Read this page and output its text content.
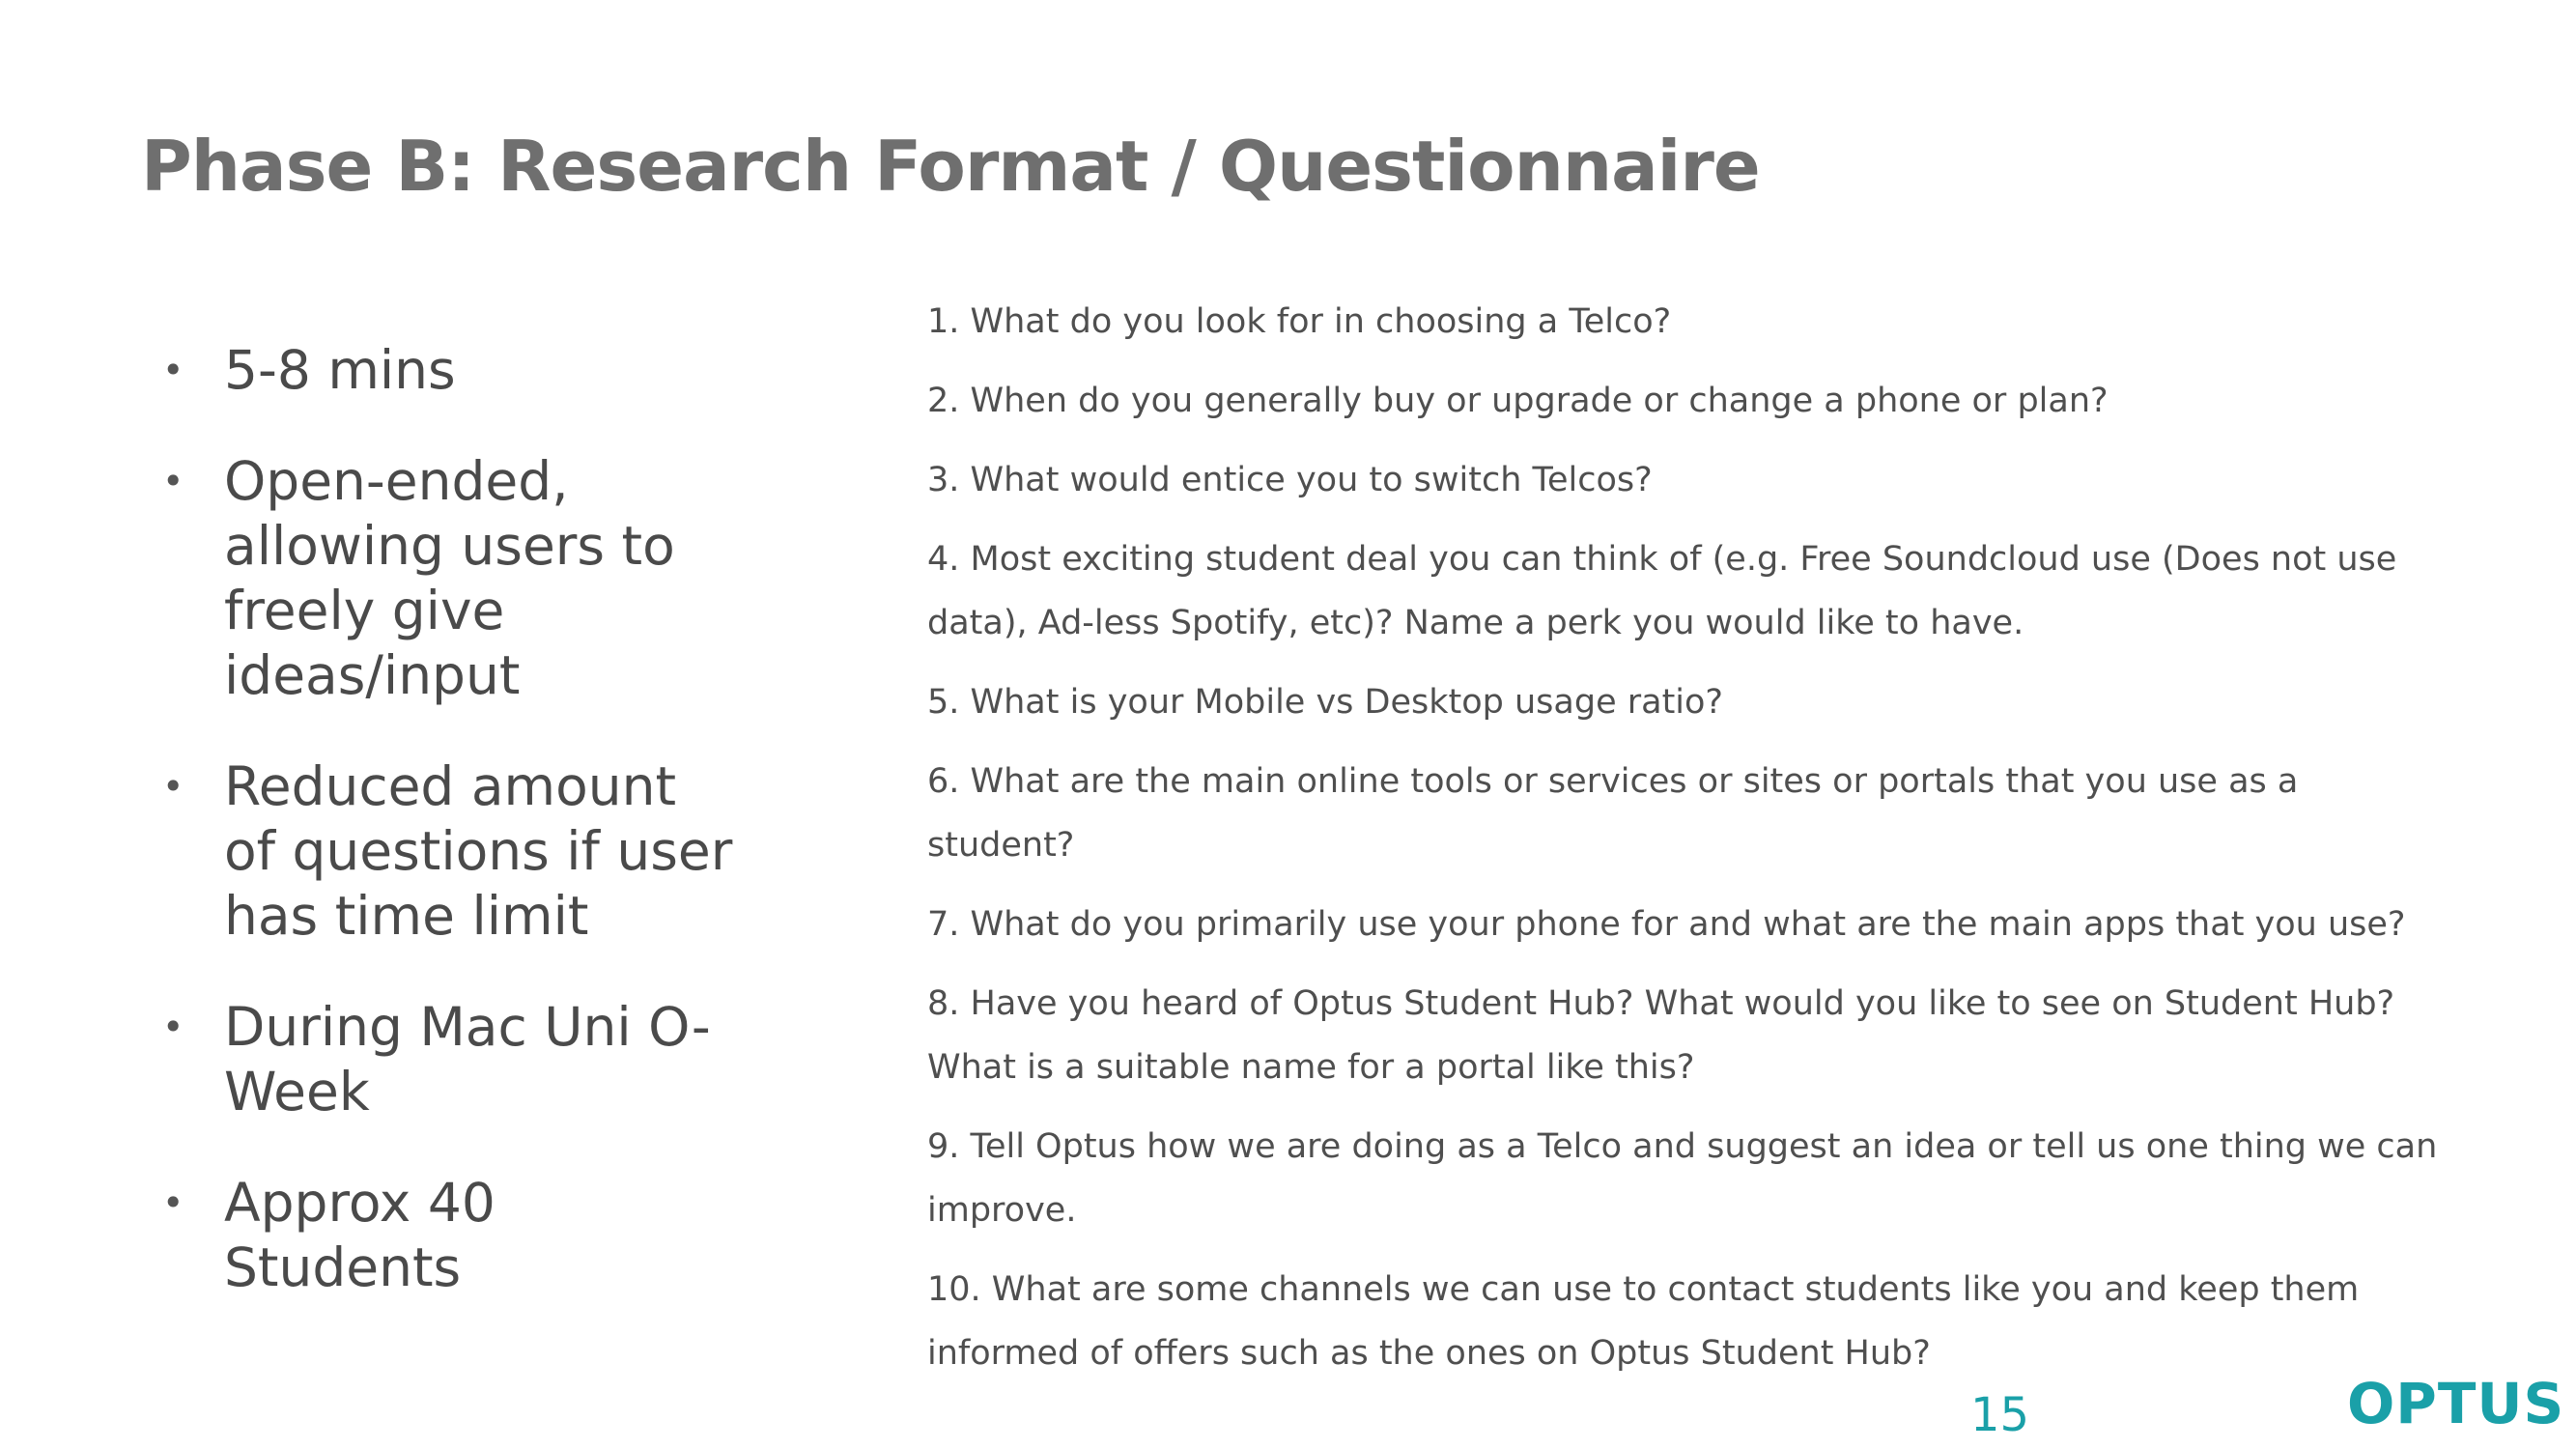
Phase B: Research Format / Questionnaire
• 5-8 mins
• Open-ended, allowing users to freely give ideas/input
• Reduced amount of questions if user has time limit
• During Mac Uni O-Week
• Approx 40 Students
1. What do you look for in choosing a Telco?
2. When do you generally buy or upgrade or change a phone or plan?
3. What would entice you to switch Telcos?
4. Most exciting student deal you can think of (e.g. Free Soundcloud use (Does not use data), Ad-less Spotify, etc)? Name a perk you would like to have.
5. What is your Mobile vs Desktop usage ratio?
6. What are the main online tools or services or sites or portals that you use as a student?
7. What do you primarily use your phone for and what are the main apps that you use?
8. Have you heard of Optus Student Hub? What would you like to see on Student Hub? What is a suitable name for a portal like this?
9. Tell Optus how we are doing as a Telco and suggest an idea or tell us one thing we can improve.
10. What are some channels we can use to contact students like you and keep them informed of offers such as the ones on Optus Student Hub?
15	OPTUS
